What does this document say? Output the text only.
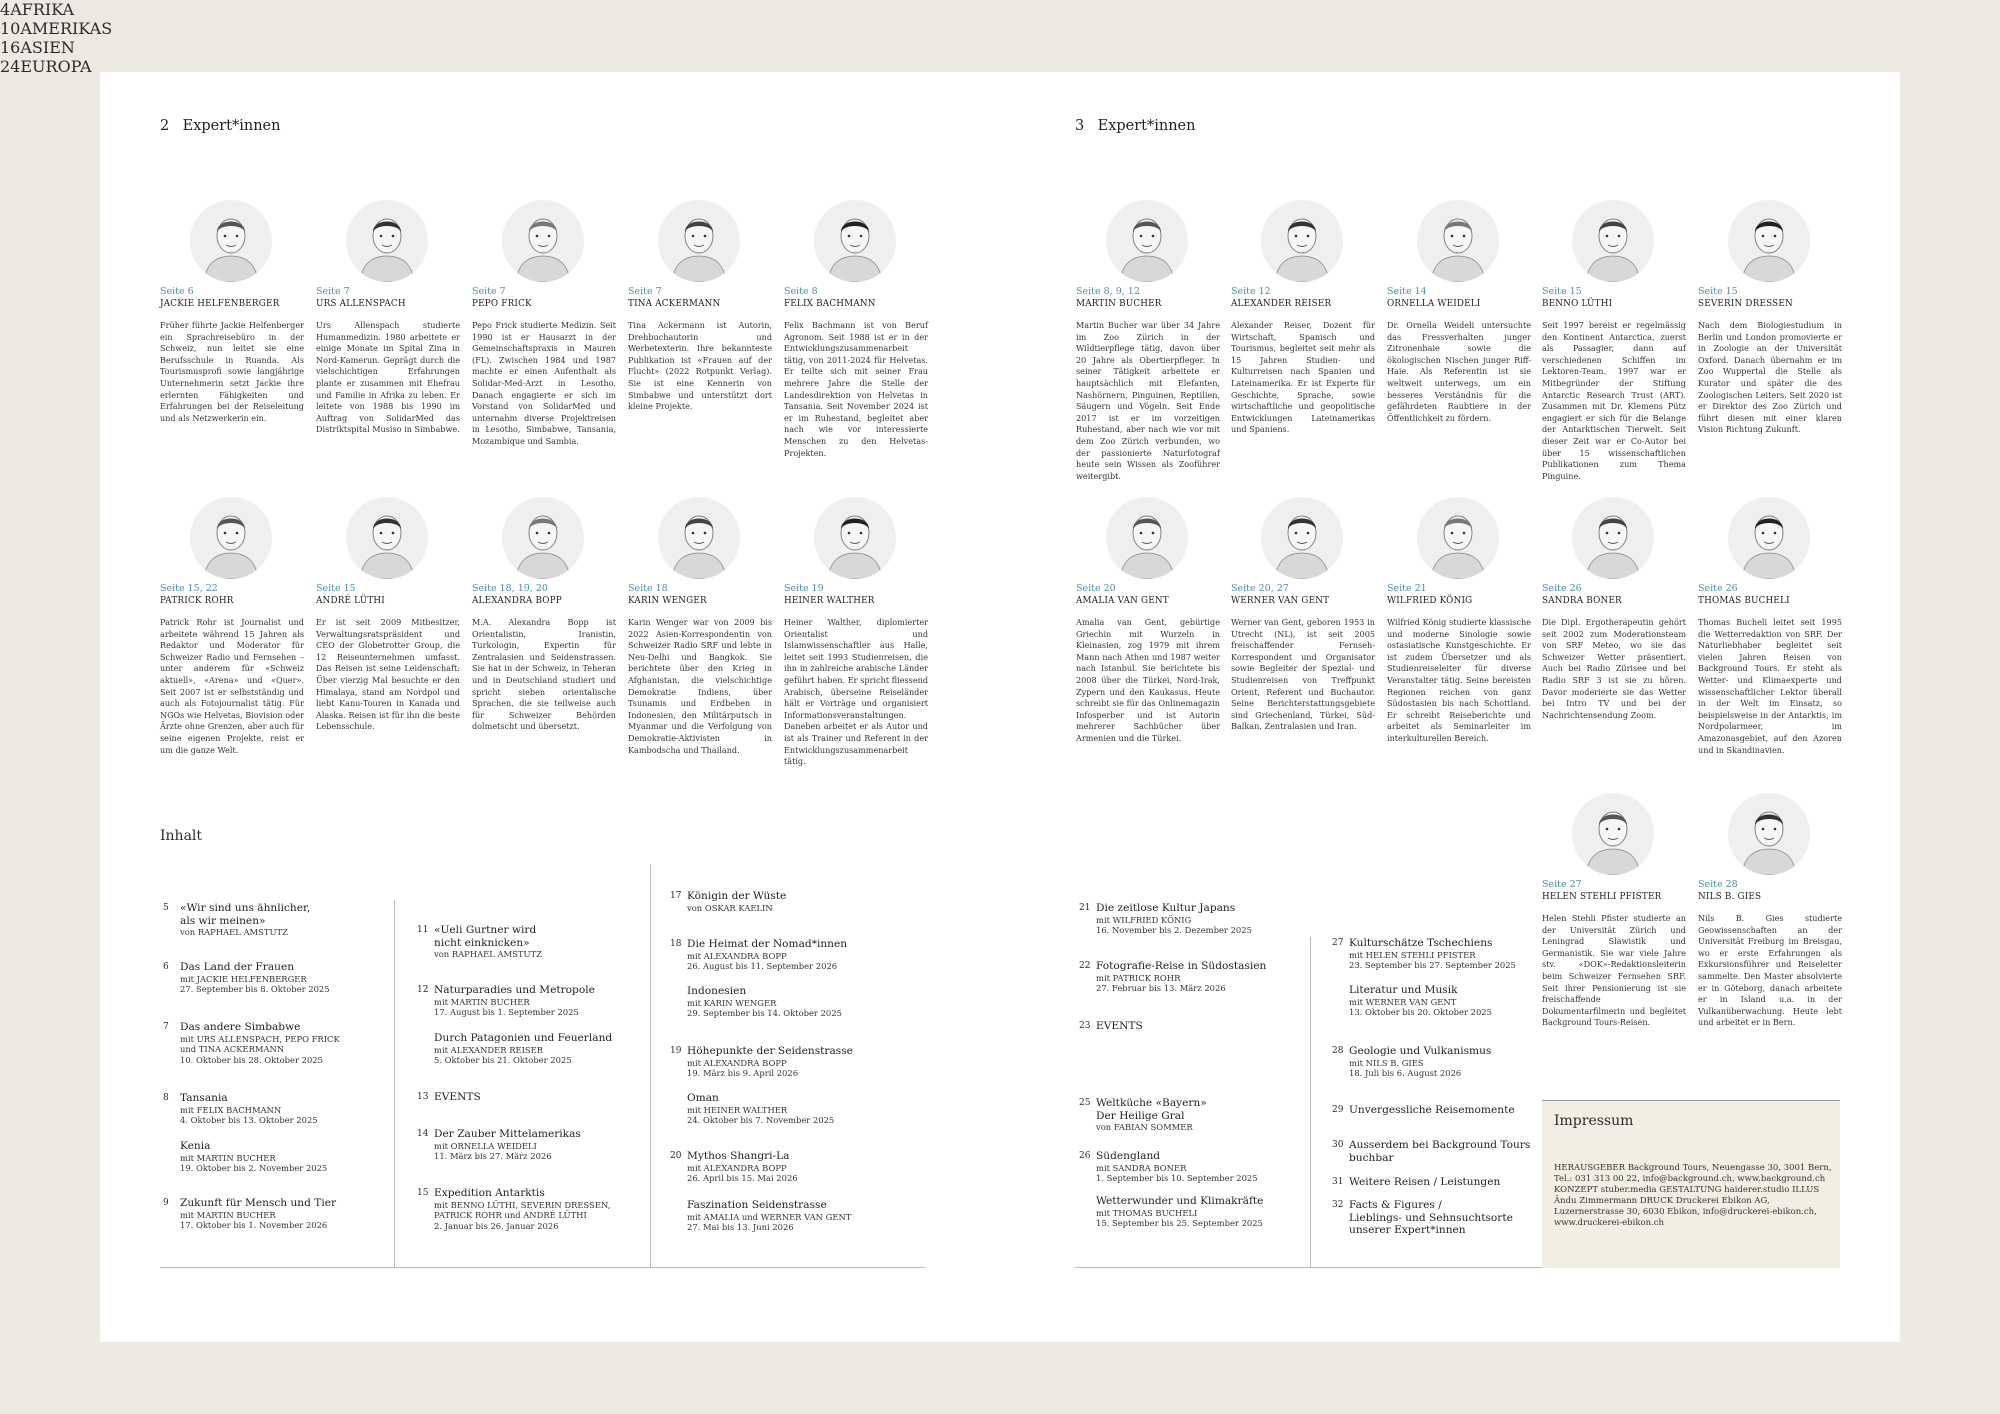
2 Expert*innen	3 Expert*innen
Seite 6
JACKIE HELFENBERGER
Früher führte Jackie Helfenberger ein Sprachreisebüro in der Schweiz, nun leitet sie eine Berufsschule in Ruanda. Als Tourismusprofi sowie langjährige Unternehmerin setzt Jackie ihre erlernten Fähigkeiten und Erfahrungen bei der Reiseleitung und als Netzwerkerin ein.
Seite 7
URS ALLENSPACH
Urs Allenspach studierte Humanmedizin. 1980 arbeitete er einige Monate im Spital Zina in Nord-Kamerun. Geprägt durch die vielschichtigen Erfahrungen plante er zusammen mit Ehefrau und Familie in Afrika zu leben. Er leitete von 1988 bis 1990 im Auftrag von SolidarMed das Distriktspital Musiso in Simbabwe.
Seite 7
PEPO FRICK
Pepo Frick studierte Medizin. Seit 1990 ist er Hausarzt in der Gemeinschaftspraxis in Mauren (FL). Zwischen 1984 und 1987 machte er einen Aufenthalt als Solidar-Med-Arzt in Lesotho. Danach engagierte er sich im Vorstand von SolidarMed und unternahm diverse Projektreisen in Lesotho, Simbabwe, Tansania, Mozambique und Sambia.
Seite 7
TINA ACKERMANN
Tina Ackermann ist Autorin, Drehbuchautorin und Werbetexterin. Ihre bekannteste Publikation ist «Frauen auf der Flucht» (2022 Rotpunkt Verlag). Sie ist eine Kennerin von Simbabwe und unterstützt dort kleine Projekte.
Seite 8
FELIX BACHMANN
Felix Bachmann ist von Beruf Agronom. Seit 1988 ist er in der Entwicklungszusammenarbeit tätig, von 2011-2024 für Helvetas. Er teilte sich mit seiner Frau mehrere Jahre die Stelle der Landesdirektion von Helvetas in Tansania. Seit November 2024 ist er im Ruhestand, begleitet aber nach wie vor interessierte Menschen zu den Helvetas-Projekten.
Seite 15, 22
PATRICK ROHR
Patrick Rohr ist Journalist und arbeitete während 15 Jahren als Redaktor und Moderator für Schweizer Radio und Fernsehen – unter anderem für «Schweiz aktuell», «Arena» und «Quer». Seit 2007 ist er selbstständig und auch als Fotojournalist tätig. Für NGOs wie Helvetas, Biovision oder Ärzte ohne Grenzen, aber auch für seine eigenen Projekte, reist er um die ganze Welt.
Seite 15
ANDRÉ LÜTHI
Er ist seit 2009 Mitbesitzer, Verwaltungsratspräsident und CEO der Globetrotter Group, die 12 Reiseunternehmen umfasst. Das Reisen ist seine Leidenschaft: Über vierzig Mal besuchte er den Himalaya, stand am Nordpol und liebt Kanu-Touren in Kanada und Alaska. Reisen ist für ihn die beste Lebensschule.
Seite 18, 19, 20
ALEXANDRA BOPP
M.A. Alexandra Bopp ist Orientalistin, Iranistin, Turkologin, Expertin für Zentralasien und Seidenstrassen. Sie hat in der Schweiz, in Teheran und in Deutschland studiert und spricht sieben orientalische Sprachen, die sie teilweise auch für Schweizer Behörden dolmetscht und übersetzt.
Seite 18
KARIN WENGER
Karin Wenger war von 2009 bis 2022 Asien-Korrespondentin von Schweizer Radio SRF und lebte in Neu-Delhi und Bangkok. Sie berichtete über den Krieg in Afghanistan, die vielschichtige Demokratie Indiens, über Tsunamis und Erdbeben in Indonesien, den Militärputsch in Myanmar und die Verfolgung von Demokratie-Aktivisten in Kambodscha und Thailand.
Seite 19
HEINER WALTHER
Heiner Walther, diplomierter Orientalist und Islamwissenschaftler aus Halle, leitet seit 1993 Studienreisen, die ihn in zahlreiche arabische Länder geführt haben. Er spricht fliessend Arabisch, überseine Reiseländer hält er Vorträge und organisiert Informationsveranstaltungen. Daneben arbeitet er als Autor und ist als Trainer und Referent in der Entwicklungszusammenarbeit tätig.
Seite 8, 9, 12
MARTIN BUCHER
Martin Bucher war über 34 Jahre im Zoo Zürich in der Wildtierpflege tätig, davon über 20 Jahre als Obertierpfleger. In seiner Tätigkeit arbeitete er hauptsächlich mit Elefanten, Nashörnern, Pinguinen, Reptilien, Säugern und Vögeln. Seit Ende 2017 ist er im vorzeitigen Ruhestand, aber nach wie vor mit dem Zoo Zürich verbunden, wo der passionierte Naturfotograf heute sein Wissen als Zooführer weitergibt.
Seite 12
ALEXANDER REISER
Alexander Reiser, Dozent für Wirtschaft, Spanisch und Tourismus, begleitet seit mehr als 15 Jahren Studien- und Kulturreisen nach Spanien und Lateinamerika. Er ist Experte für Geschichte, Sprache, sowie wirtschaftliche und geopolitische Entwicklungen Lateinamerikas und Spaniens.
Seite 14
ORNELLA WEIDELI
Dr. Ornella Weideli untersuchte das Fressverhalten junger Zitronenhaie sowie die ökologischen Nischen junger Riff-Haie. Als Referentin ist sie weltweit unterwegs, um ein besseres Verständnis für die gefährdeten Raubtiere in der Öffentlichkeit zu fördern.
Seite 15
BENNO LÜTHI
Seit 1997 bereist er regelmässig den Kontinent Antarctica, zuerst als Passagier, dann auf verschiedenen Schiffen im Lektoren-Team. 1997 war er Mitbegründer der Stiftung Antarctic Research Trust (ART). Zusammen mit Dr. Klemens Pütz engagiert er sich für die Belange der Antarktischen Tierwelt. Seit dieser Zeit war er Co-Autor bei über 15 wissenschaftlichen Publikationen zum Thema Pinguine.
Seite 15
SEVERIN DRESSEN
Nach dem Biologiestudium in Berlin und London promovierte er in Zoologie an der Universität Oxford. Danach übernahm er im Zoo Wuppertal die Stelle als Kurator und später die des Zoologischen Leiters. Seit 2020 ist er Direktor des Zoo Zürich und führt diesen mit einer klaren Vision Richtung Zukunft.
Seite 20
AMALIA VAN GENT
Amalia van Gent, gebürtige Griechin mit Wurzeln in Kleinasien, zog 1979 mit ihrem Mann nach Athen und 1987 weiter nach Istanbul. Sie berichtete bis 2008 über die Türkei, Nord-Irak, Zypern und den Kaukasus. Heute schreibt sie für das Onlinemagazin Infosperber und ist Autorin mehrerer Sachbücher über Armenien und die Türkei.
Seite 20, 27
WERNER VAN GENT
Werner van Gent, geboren 1953 in Utrecht (NL), ist seit 2005 freischaffender Fernseh-Korrespondent und Organisator sowie Begleiter der Spezial- und Studienreisen von Treffpunkt Orient, Referent und Buchautor. Seine Berichterstattungsgebiete sind Griechenland, Türkei, Süd-Balkan, Zentralasien und Iran.
Seite 21
WILFRIED KÖNIG
Wilfried König studierte klassische und moderne Sinologie sowie ostasiatische Kunstgeschichte. Er ist zudem Übersetzer und als Studienreiseleiter für diverse Veranstalter tätig. Seine bereisten Regionen reichen von ganz Südostasien bis nach Schottland. Er schreibt Reiseberichte und arbeitet als Seminarleiter im interkulturellen Bereich.
Seite 26
SANDRA BONER
Die Dipl. Ergotherapeutin gehört seit 2002 zum Moderationsteam von SRF Meteo, wo sie das Schweizer Wetter präsentiert. Auch bei Radio Zürisee und bei Radio SRF 3 ist sie zu hören. Davor moderierte sie das Wetter bei Intro TV und bei der Nachrichtensendung Zoom.
Seite 26
THOMAS BUCHELI
Thomas Bucheli leitet seit 1995 die Wetterredaktion von SRF. Der Naturliebhaber begleitet seit vielen Jahren Reisen von Background Tours. Er steht als Wetter- und Klimaexperte und wissenschaftlicher Lektor überall in der Welt im Einsatz, so beispielsweise in der Antarktis, im Nordpolarmeer, im Amazonasgebiet, auf den Azoren und in Skandinavien.
Seite 27
HELEN STEHLI PFISTER
Helen Stehli Pfister studierte an der Universität Zürich und Leningrad Slawistik und Germanistik. Sie war viele Jahre stv. «DOK»-Redaktionsleiterin beim Schweizer Fernsehen SRF. Seit ihrer Pensionierung ist sie freischaffende Dokumentarfilmerin und begleitet Background Tours-Reisen.
Seite 28
NILS B. GIES
Nils B. Gies studierte Geowissenschaften an der Universität Freiburg im Breisgau, wo er erste Erfahrungen als Exkursionsführer und Reiseleiter sammelte. Den Master absolvierte er in Göteborg, danach arbeitete er in Island u.a. in der Vulkanüberwachung. Heute lebt und arbeitet er in Bern.
Inhalt
4AFRIKA
10AMERIKAS
16ASIEN
24EUROPA
5 «Wir sind uns ähnlicher,
als wir meinen»
von RAPHAEL AMSTUTZ
6 Das Land der Frauen
mit JACKIE HELFENBERGER
27. September bis 8. Oktober 2025
7 Das andere Simbabwe
mit URS ALLENSPACH, PEPO FRICK
und TINA ACKERMANN
10. Oktober bis 28. Oktober 2025
8 Tansania
mit FELIX BACHMANN
4. Oktober bis 13. Oktober 2025
Kenia
mit MARTIN BUCHER
19. Oktober bis 2. November 2025
9 Zukunft für Mensch und Tier
mit MARTIN BUCHER
17. Oktober bis 1. November 2026
11 «Ueli Gurtner wird
nicht einknicken»
von RAPHAEL AMSTUTZ
12 Naturparadies und Metropole
mit MARTIN BUCHER
17. August bis 1. September 2025
Durch Patagonien und Feuerland
mit ALEXANDER REISER
5. Oktober bis 21. Oktober 2025
13 EVENTS
14 Der Zauber Mittelamerikas
mit ORNELLA WEIDELI
11. März bis 27. März 2026
15 Expedition Antarktis
mit BENNO LÜTHI, SEVERIN DRESSEN,
PATRICK ROHR und ANDRÉ LÜTHI
2. Januar bis 26. Januar 2026
17 Königin der Wüste
von OSKAR KAELIN
18 Die Heimat der Nomad*innen
mit ALEXANDRA BOPP
26. August bis 11. September 2026
Indonesien
mit KARIN WENGER
29. September bis 14. Oktober 2025
19 Höhepunkte der Seidenstrasse
mit ALEXANDRA BOPP
19. März bis 9. April 2026
Oman
mit HEINER WALTHER
24. Oktober bis 7. November 2025
20 Mythos Shangri-La
mit ALEXANDRA BOPP
26. April bis 15. Mai 2026
Faszination Seidenstrasse
mit AMALIA und WERNER VAN GENT
27. Mai bis 13. Juni 2026
21 Die zeitlose Kultur Japans
mit WILFRIED KÖNIG
16. November bis 2. Dezember 2025
22 Fotografie-Reise in Südostasien
mit PATRICK ROHR
27. Februar bis 13. März 2026
23 EVENTS
25 Weltküche «Bayern»
Der Heilige Gral
von FABIAN SOMMER
26 Südengland
mit SANDRA BONER
1. September bis 10. September 2025
Wetterwunder und Klimakräfte
mit THOMAS BUCHELI
15. September bis 25. September 2025
27 Kulturschätze Tschechiens
mit HELEN STEHLI PFISTER
23. September bis 27. September 2025
Literatur und Musik
mit WERNER VAN GENT
13. Oktober bis 20. Oktober 2025
28 Geologie und Vulkanismus
mit NILS B. GIES
18. Juli bis 6. August 2026
29 Unvergessliche Reisemomente
30 Ausserdem bei Background Tours
buchbar
31 Weitere Reisen / Leistungen
32 Facts & Figures /
Lieblings- und Sehnsuchtsorte
unserer Expert*innen
Impressum
HERAUSGEBER Background Tours, Neuengasse 30, 3001 Bern, Tel.: 031 313 00 22, info@background.ch, www.background.ch KONZEPT stuber.media GESTALTUNG haiderer.studio ILLUS Ändu Zimmermann DRUCK Druckerei Ebikon AG, Luzernerstrasse 30, 6030 Ebikon, info@druckerei-ebikon.ch, www.druckerei-ebikon.ch
